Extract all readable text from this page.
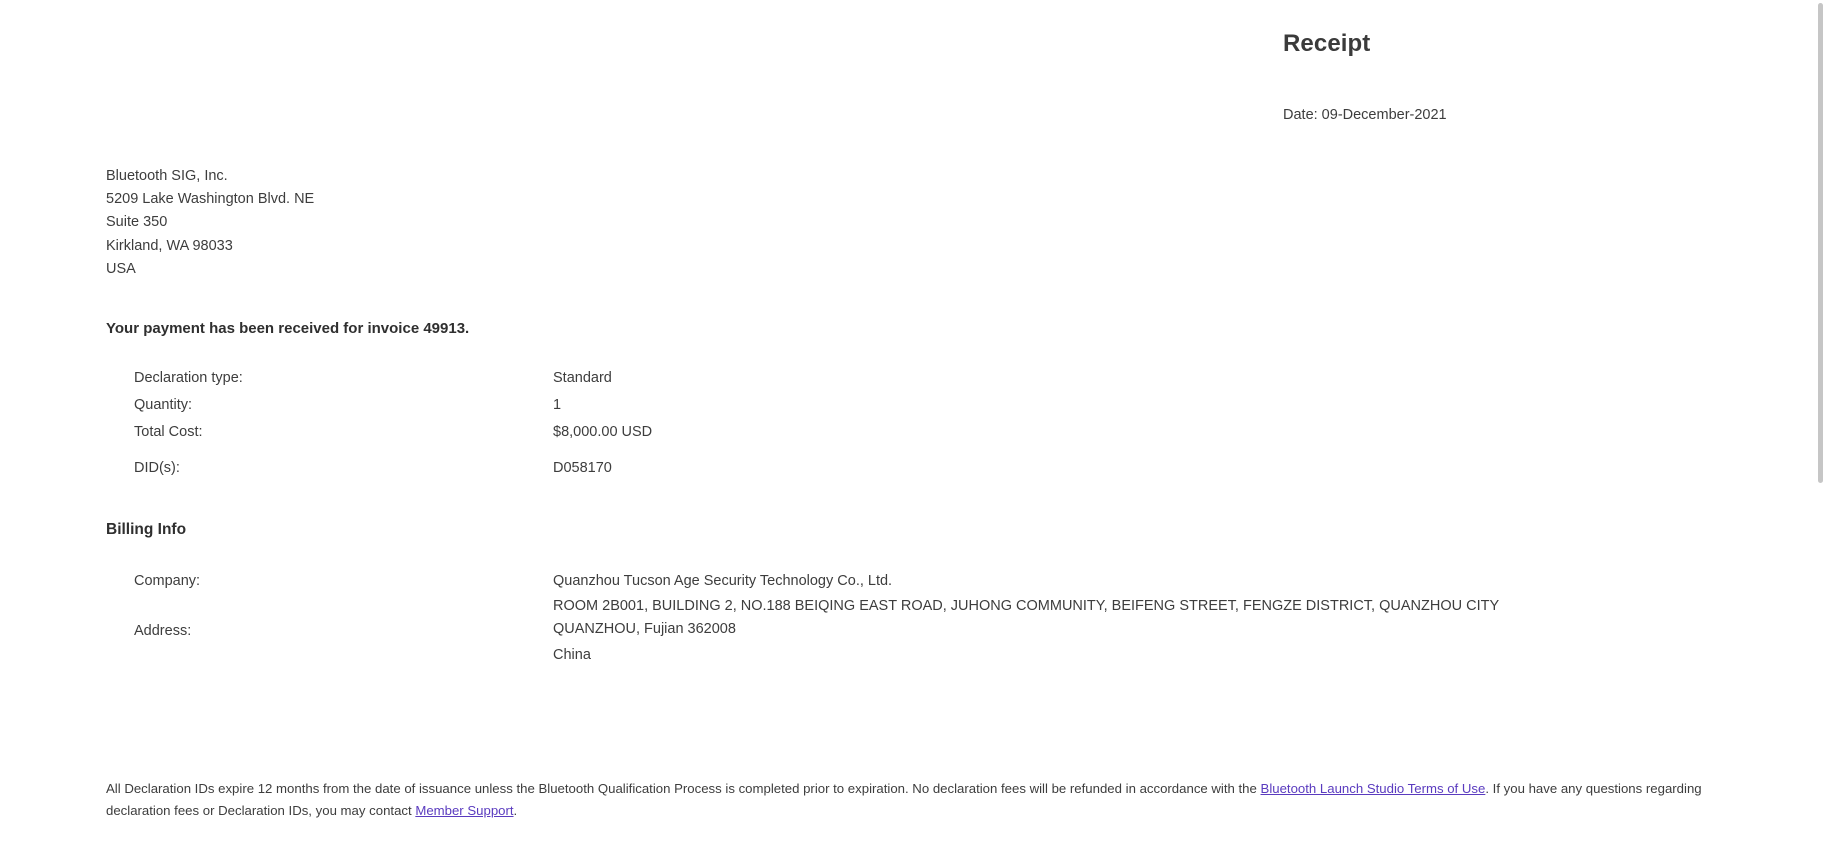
Receipt
Date: 09-December-2021
Bluetooth SIG, Inc.
5209 Lake Washington Blvd. NE
Suite 350
Kirkland, WA 98033
USA
Your payment has been received for invoice 49913.
Declaration type:	Standard
Quantity:	1
Total Cost:	$8,000.00 USD

DID(s):	D058170
Billing Info
Company:	Quanzhou Tucson Age Security Technology Co., Ltd.
	ROOM 2B001, BUILDING 2, NO.188 BEIQING EAST ROAD, JUHONG COMMUNITY, BEIFENG STREET, FENGZE DISTRICT, QUANZHOU CITY
Address:	QUANZHOU, Fujian 362008
	China
All Declaration IDs expire 12 months from the date of issuance unless the Bluetooth Qualification Process is completed prior to expiration. No declaration fees will be refunded in accordance with the Bluetooth Launch Studio Terms of Use. If you have any questions regarding declaration fees or Declaration IDs, you may contact Member Support.
